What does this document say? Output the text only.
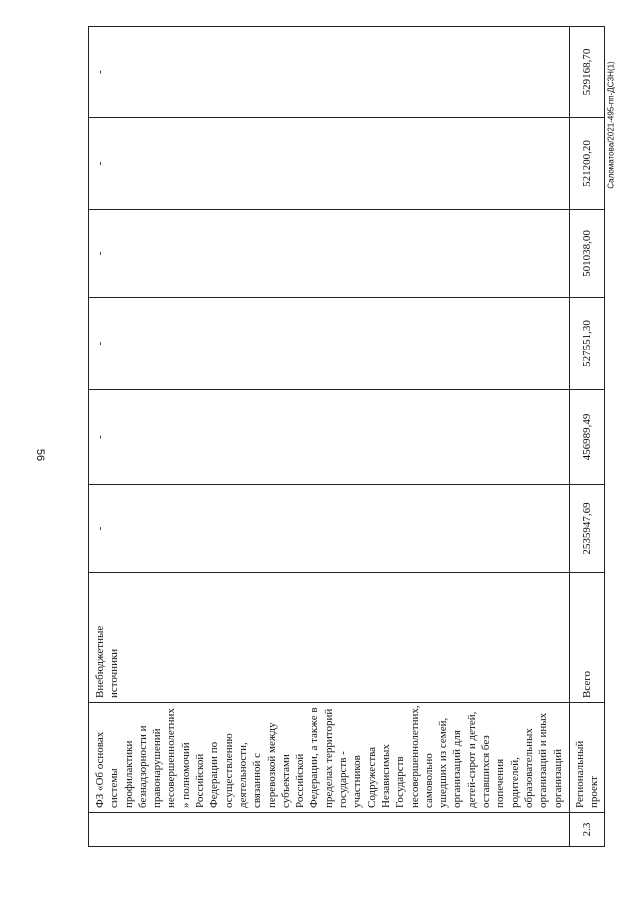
56
Саломатова/2021-495-пп-ДСЗН(1)
	ФЗ «Об основах системы профилактики безнадзорности и правонарушений несовершеннолетних » полномочий Российской Федерации по осуществлению деятельности, связанной с перевозкой между субъектами Российской Федерации, а также в пределах территорий государств - участников Содружества Независимых Государств несовершеннолетних, самовольно ушедших из семей, организаций для детей-сирот и детей, оставшихся без попечения родителей, образовательных организаций и иных организаций	Внебюджетные источники	-	-	-	-	-	-
2.3	Региональный проект	Всего	2535947,69	456989,49	527551,30	501038,00	521200,20	529168,70
